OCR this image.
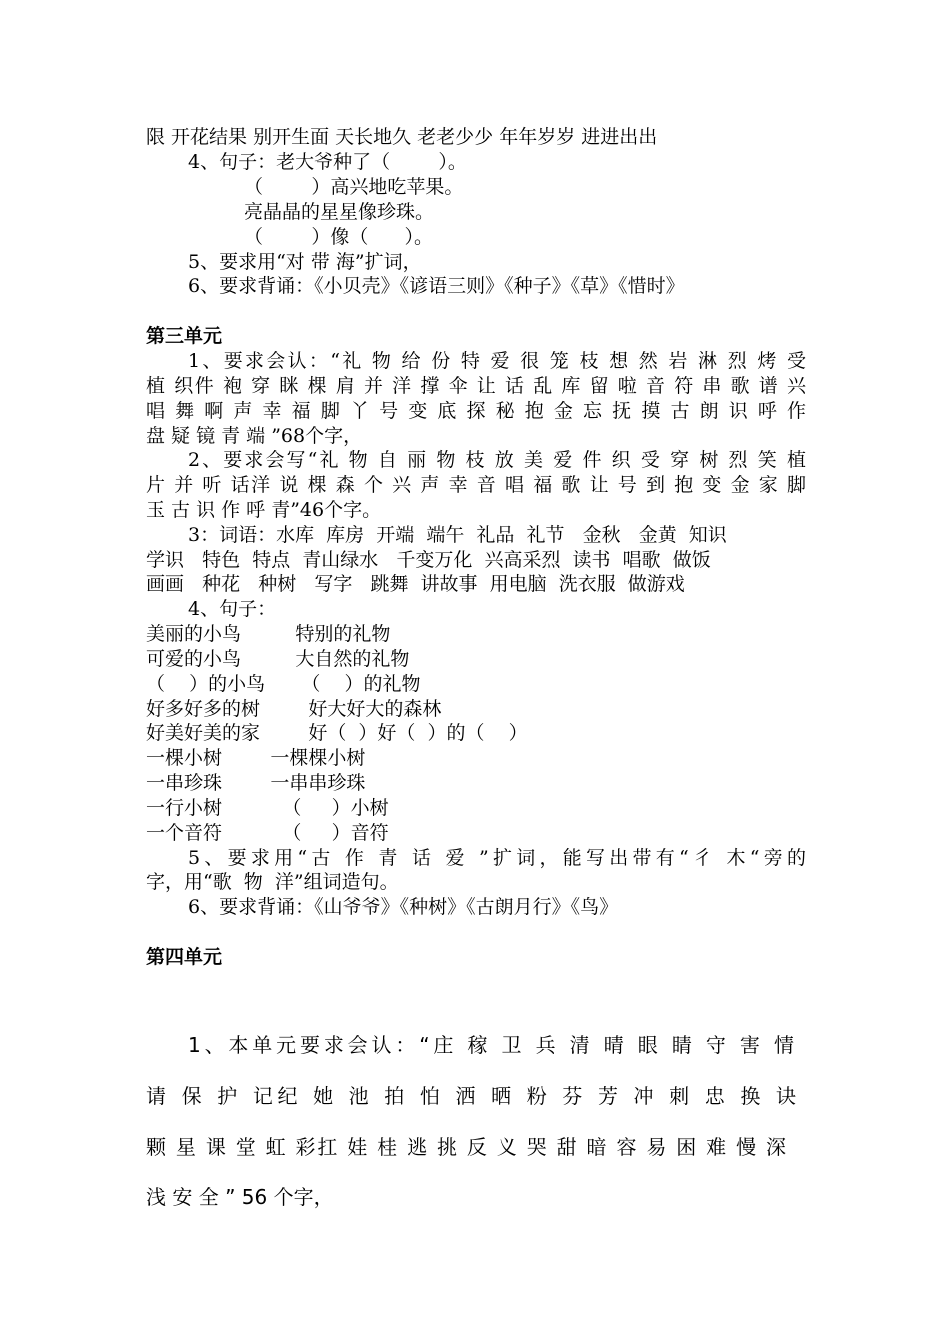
限 开花结果 别开生面 天长地久 老老少少 年年岁岁 进进出出
4、句子：老大爷种了（        ）。
（        ）高兴地吃苹果。
亮晶晶的星星像珍珠。
（        ）像（      ）。
5、要求用“对 带 海”扩词，
6、要求背诵：《小贝壳》《谚语三则》《种子》《草》《惜时》
第三单元
1、要求会认：“礼 物 给 份 特 爱 很 笼 枝 想 然 岩 淋 烈 烤 受
植 织件 袍 穿 眯 棵 肩 并 洋 撑 伞 让 话 乱 库 留 啦 音 符 串 歌 谱 兴
唱 舞 啊 声 幸 福 脚 丫 号 变 底 探 秘 抱 金 忘 抚 摸 古 朗 识 呼 作
盘 疑 镜 青 端 ”68个字，
2、要求会写“礼 物 自 丽 物 枝 放 美 爱 件 织 受 穿 树 烈 笑 植
片 并 听 话洋 说 棵 森 个 兴 声 幸 音 唱 福 歌 让 号 到 抱 变 金 家 脚
玉 古 识 作 呼 青”46个字。
3：词语：水库  库房  开端  端午  礼品  礼节   金秋   金黄  知识
学识   特色  特点  青山绿水   千变万化  兴高采烈  读书  唱歌  做饭
画画   种花   种树   写字   跳舞  讲故事  用电脑  洗衣服  做游戏
4、句子：
美丽的小鸟         特别的礼物
可爱的小鸟         大自然的礼物
（    ）的小鸟      （    ）的礼物
好多好多的树        好大好大的森林
好美好美的家        好（  ）好（  ）的（    ）
一棵小树        一棵棵小树
一串珍珠        一串串珍珠
一行小树          （     ）小树
一个音符          （     ）音符
5、要求用“古 作 青 话 爱 ”扩词，能写出带有“彳 木“旁的
字，用“歌  物  洋”组词造句。
6、要求背诵：《山爷爷》《种树》《古朗月行》《鸟》
第四单元
1、本单元要求会认：“庄 稼 卫 兵 清 晴 眼 睛 守 害 情
请 保 护 记纪 她 池 拍 怕 洒 晒 粉 芬 芳 冲 刺 忠 换 诀
颗 星 课 堂 虹 彩扛 娃 桂 逃 挑 反 义 哭 甜 暗 容 易 困 难 慢 深
浅 安 全 ” 56 个字，
